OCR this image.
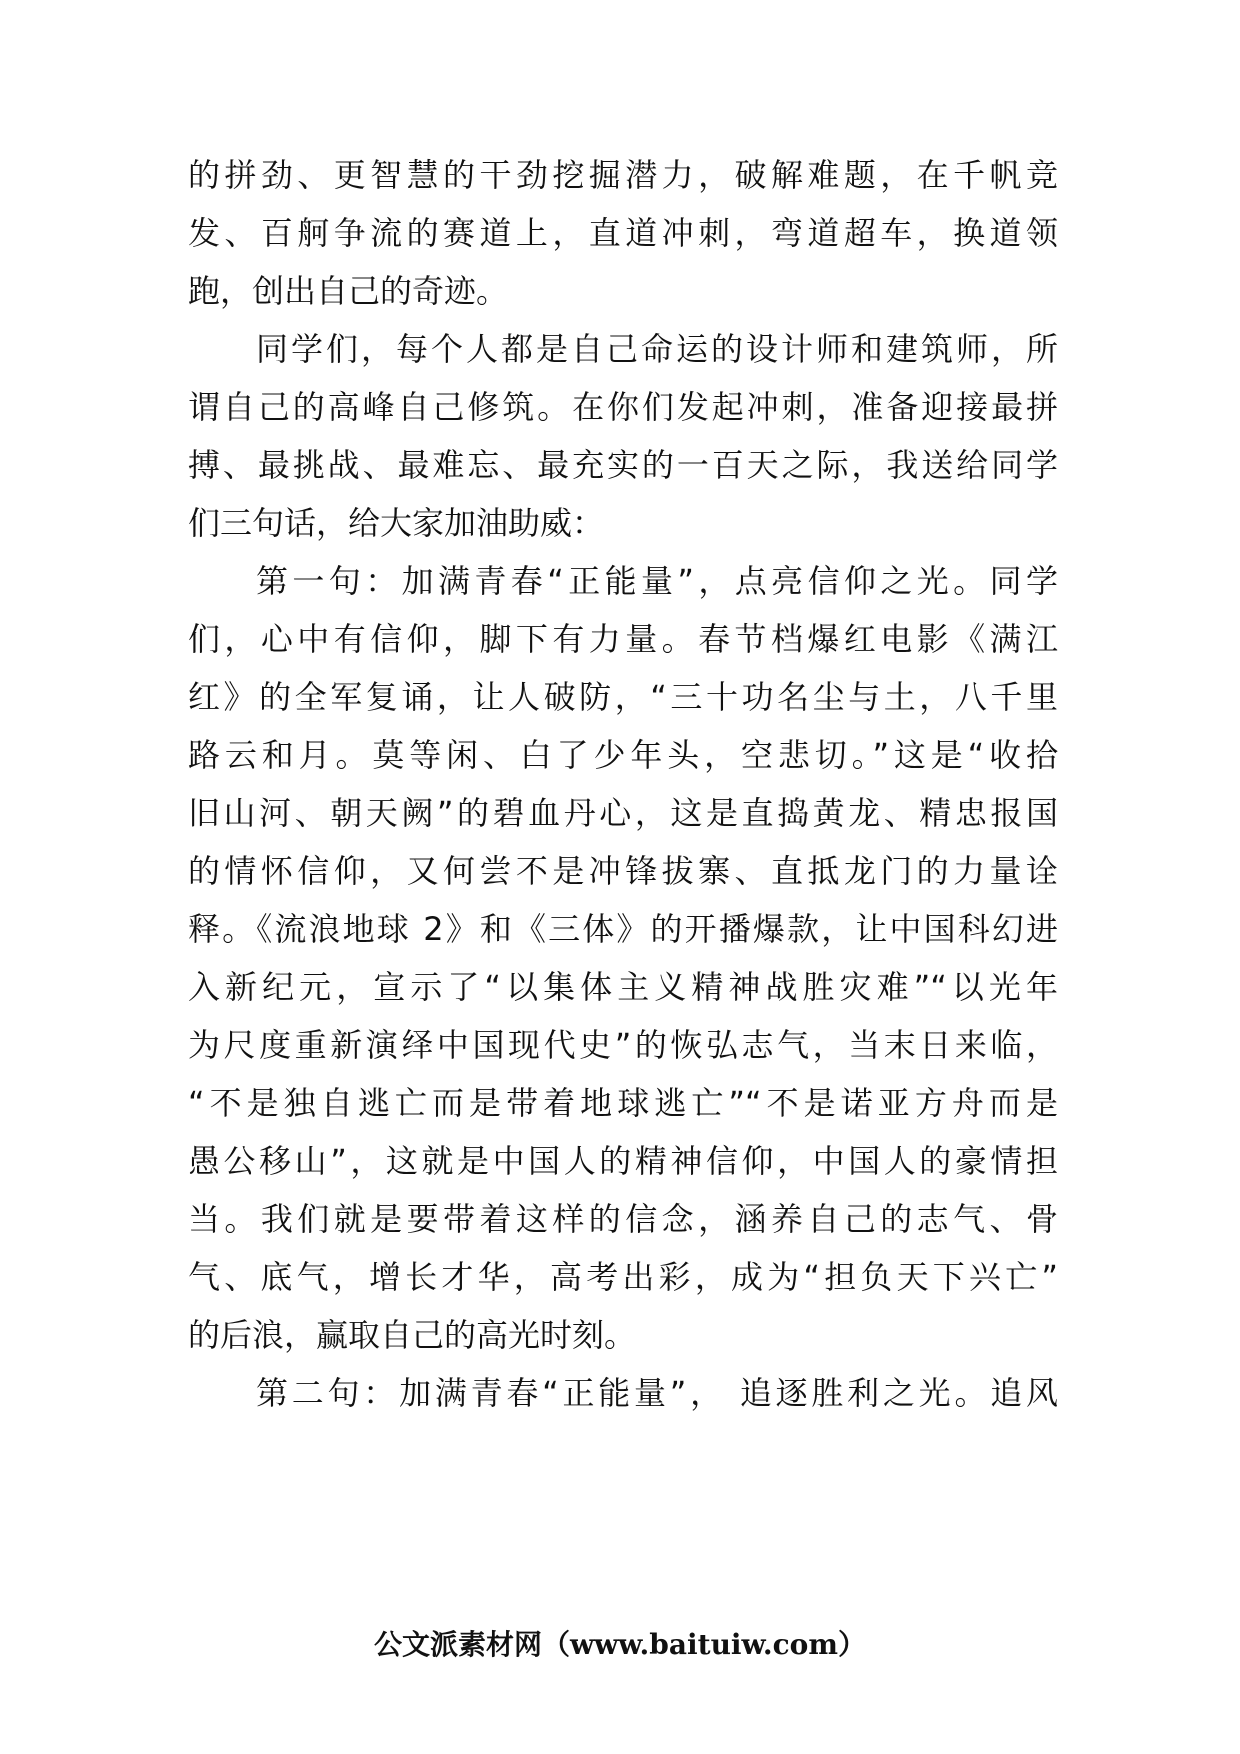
的拼劲、更智慧的干劲挖掘潜力，破解难题，在千帆竞

发、百舸争流的赛道上，直道冲刺，弯道超车，换道领

跑，创出自己的奇迹。

同学们，每个人都是自己命运的设计师和建筑师，所

谓自己的高峰自己修筑。在你们发起冲刺，准备迎接最拼

搏、最挑战、最难忘、最充实的一百天之际，我送给同学

们三句话，给大家加油助威：

第一句：加满青春“正能量”，点亮信仰之光。同学

们，心中有信仰，脚下有力量。春节档爆红电影《满江

红》的全军复诵，让人破防，“三十功名尘与土，八千里

路云和月。莫等闲、白了少年头，空悲切。”这是“收拾

旧山河、朝天阙”的碧血丹心，这是直捣黄龙、精忠报国

的情怀信仰，又何尝不是冲锋拔寨、直抵龙门的力量诠

释。《流浪地球 2》和《三体》的开播爆款，让中国科幻进

入新纪元，宣示了“以集体主义精神战胜灾难”“以光年

为尺度重新演绎中国现代史”的恢弘志气，当末日来临，

“不是独自逃亡而是带着地球逃亡”“不是诺亚方舟而是

愚公移山”，这就是中国人的精神信仰，中国人的豪情担

当。我们就是要带着这样的信念，涵养自己的志气、骨

气、底气，增长才华，高考出彩，成为“担负天下兴亡”

的后浪，赢取自己的高光时刻。

第二句：加满青春“正能量”， 追逐胜利之光。追风

公文派素材网（www.baituiw.com）
